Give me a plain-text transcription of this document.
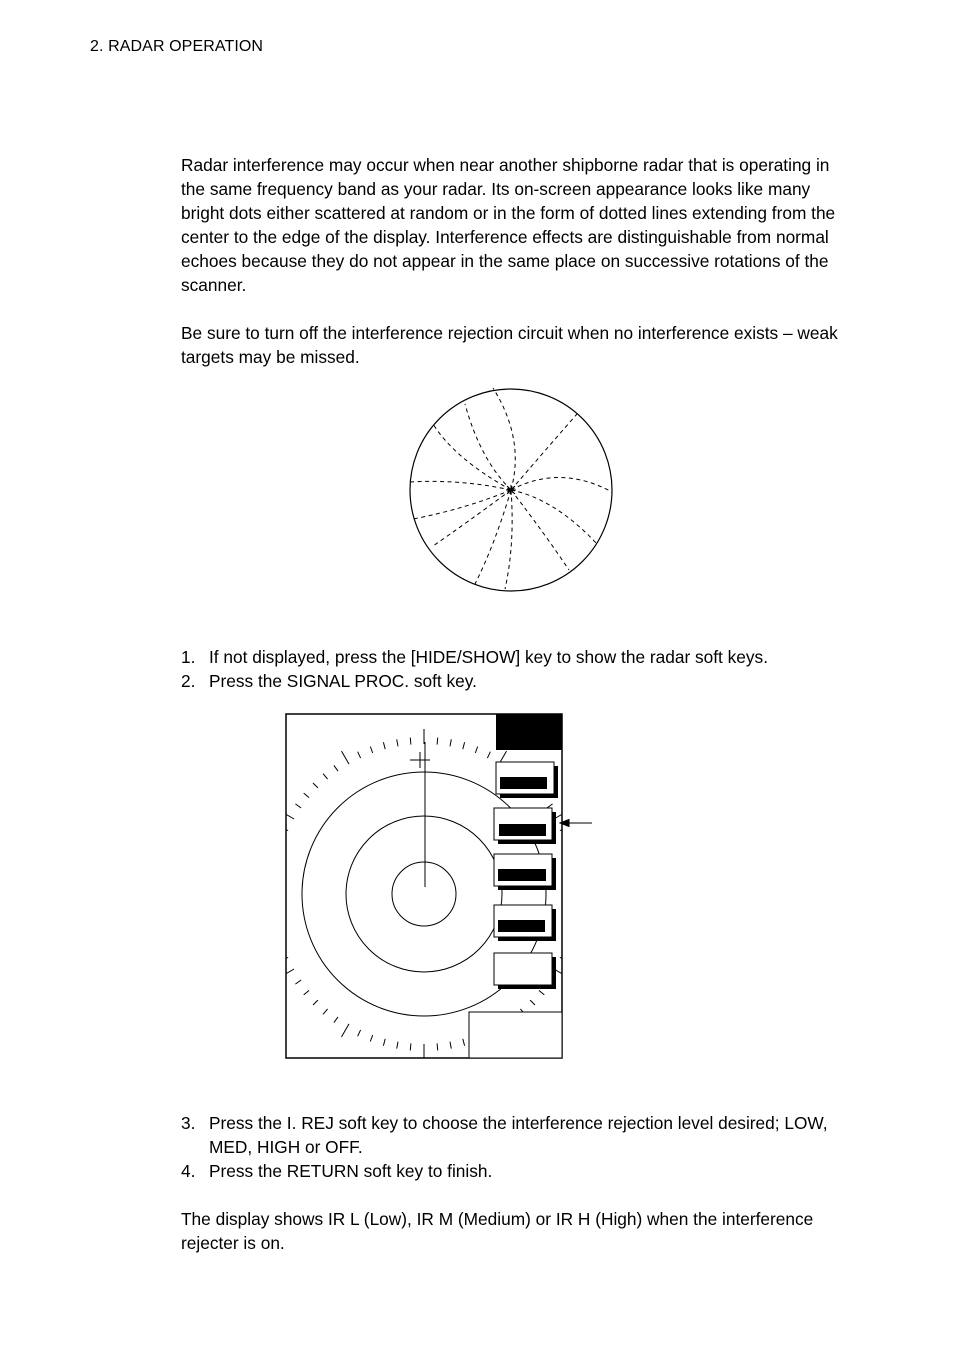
2. RADAR OPERATION

Radar interference may occur when near another shipborne radar that is operating in the same frequency band as your radar. Its on-screen appearance looks like many bright dots either scattered at random or in the form of dotted lines extending from the center to the edge of the display. Interference effects are distinguishable from normal echoes because they do not appear in the same place on successive rotations of the scanner.

Be sure to turn off the interference rejection circuit when no interference exists – weak targets may be missed.

1. If not displayed, press the [HIDE/SHOW] key to show the radar soft keys.
2. Press the SIGNAL PROC. soft key.
3. Press the I. REJ soft key to choose the interference rejection level desired; LOW, MED, HIGH or OFF.
4. Press the RETURN soft key to finish.

The display shows IR L (Low), IR M (Medium) or IR H (High) when the interference rejecter is on.
